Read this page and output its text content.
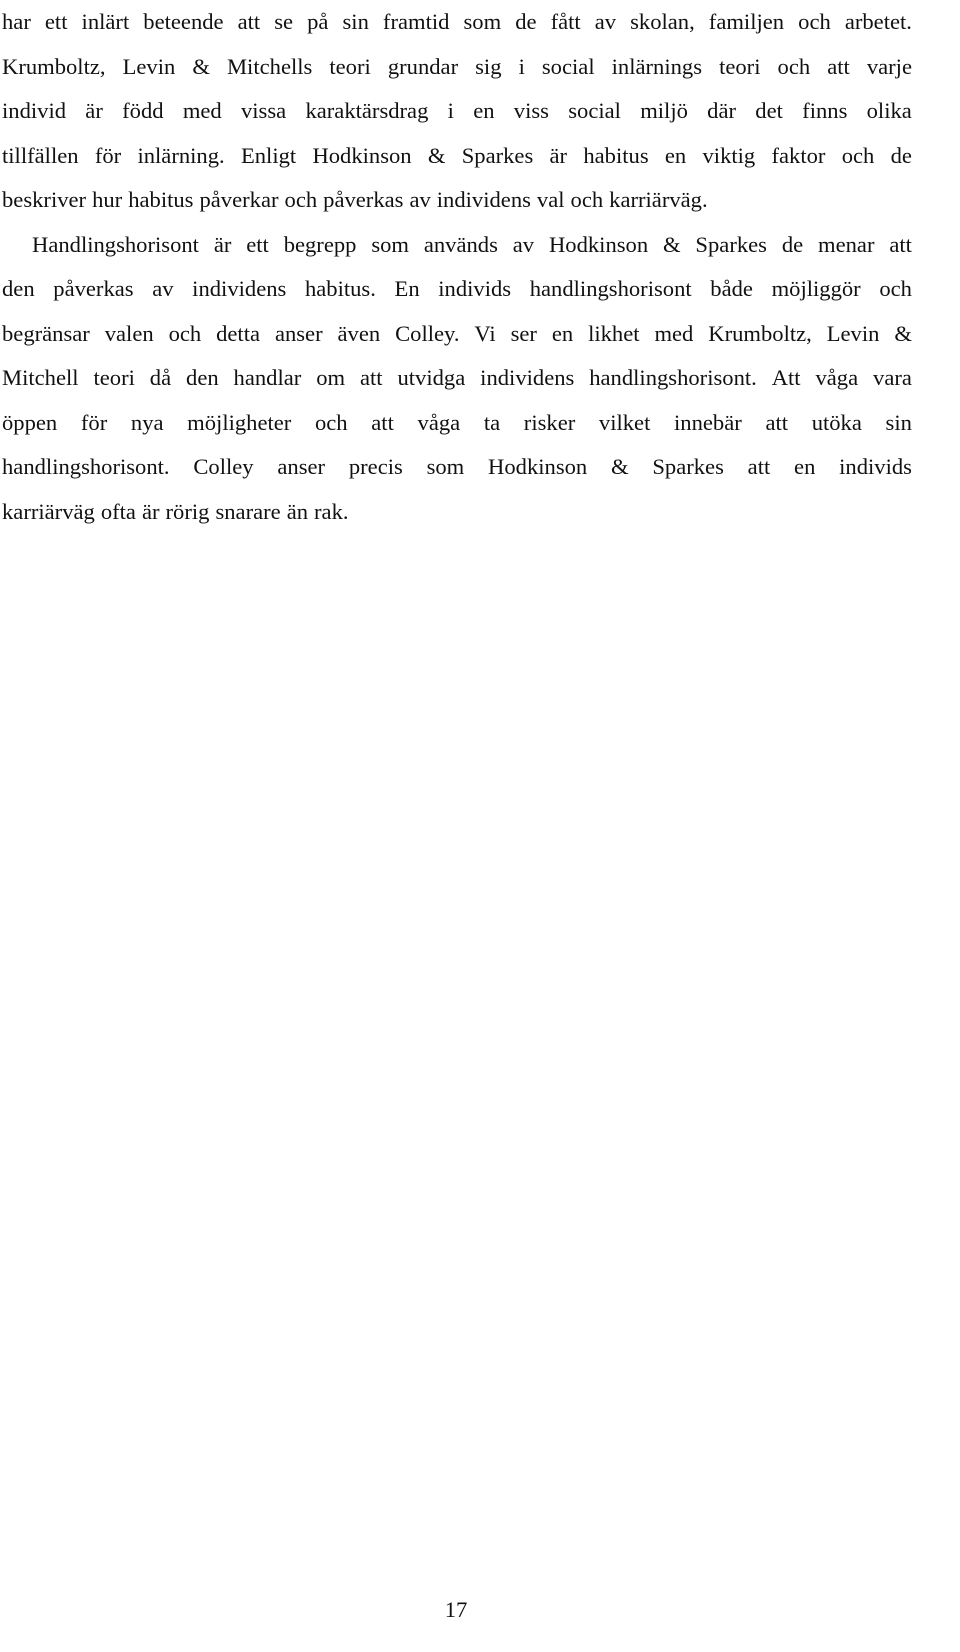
har ett inlärt beteende att se på sin framtid som de fått av skolan, familjen och arbetet.
Krumboltz, Levin & Mitchells teori grundar sig i social inlärnings teori och att varje
individ är född med vissa karaktärsdrag i en viss social miljö där det finns olika
tillfällen för inlärning. Enligt Hodkinson & Sparkes är habitus en viktig faktor och de
beskriver hur habitus påverkar och påverkas av individens val och karriärväg.
Handlingshorisont är ett begrepp som används av Hodkinson & Sparkes de menar att
den påverkas av individens habitus. En individs handlingshorisont både möjliggör och
begränsar valen och detta anser även Colley. Vi ser en likhet med Krumboltz, Levin &
Mitchell teori då den handlar om att utvidga individens handlingshorisont. Att våga vara
öppen för nya möjligheter och att våga ta risker vilket innebär att utöka sin
handlingshorisont. Colley anser precis som Hodkinson & Sparkes att en individs
karriärväg ofta är rörig snarare än rak.
17
